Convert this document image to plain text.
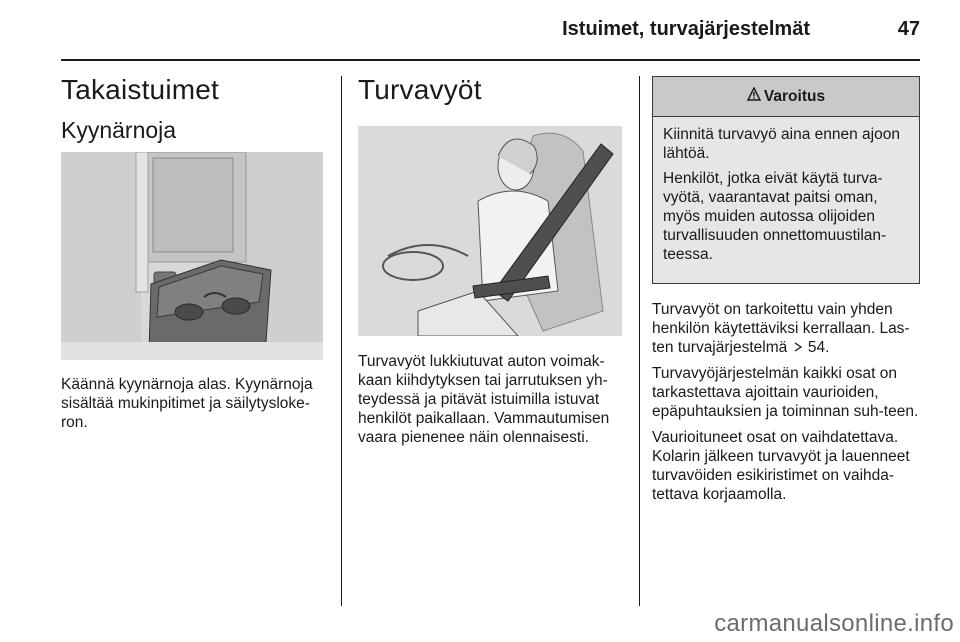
Istuimet, turvajärjestelmät	47
Takaistuimet
Kyynärnoja

Käännä kyynärnoja alas. Kyynärnoja sisältää mukinpitimet ja säilytysloke-ron.

Turvavyöt

Turvavyöt lukkiutuvat auton voimak-kaan kiihdytyksen tai jarrutuksen yh-teydessä ja pitävät istuimilla istuvat henkilöt paikallaan. Vammautumisen vaara pienenee näin olennaisesti.

Varoitus

Kiinnitä turvavyö aina ennen ajoon lähtöä.

Henkilöt, jotka eivät käytä turva-vyötä, vaarantavat paitsi oman, myös muiden autossa olijoiden turvallisuuden onnettomuustilan-teessa.

Turvavyöt on tarkoitettu vain yhden henkilön käytettäviksi kerrallaan. Las-ten turvajärjestelmä 54.

Turvavyöjärjestelmän kaikki osat on tarkastettava ajoittain vaurioiden, epäpuhtauksien ja toiminnan suh-teen.

Vaurioituneet osat on vaihdatettava. Kolarin jälkeen turvavyöt ja lauenneet turvavöiden esikiristimet on vaihda-tettava korjaamolla.

carmanualsonline.info
